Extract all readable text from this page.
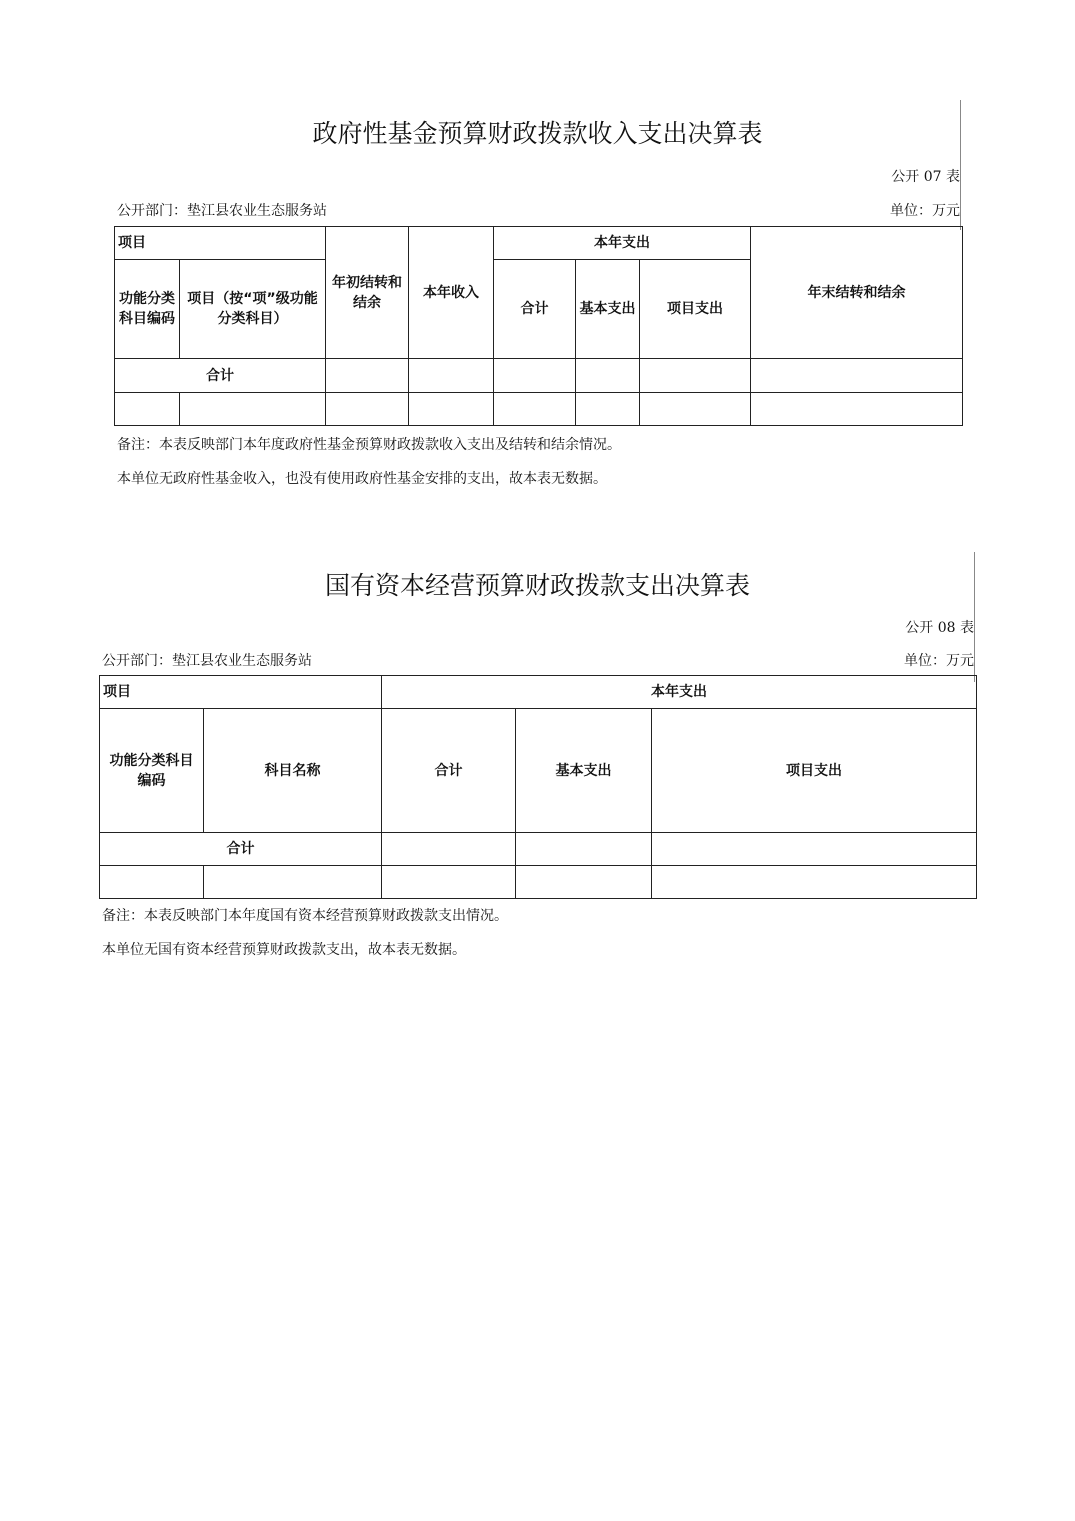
政府性基金预算财政拨款收入支出决算表
公开 07 表
公开部门：垫江县农业生态服务站	单位：万元
项目		年初结转和结余	本年收入	本年支出			年末结转和结余
功能分类科目编码	项目（按“项”级功能分类科目）			合计	基本支出	项目支出	
合计							

备注：本表反映部门本年度政府性基金预算财政拨款收入支出及结转和结余情况。
本单位无政府性基金收入，也没有使用政府性基金安排的支出，故本表无数据。
国有资本经营预算财政拨款支出决算表
公开 08 表
公开部门：垫江县农业生态服务站	单位：万元
项目		本年支出		
功能分类科目编码	科目名称	合计	基本支出	项目支出
合计				

备注：本表反映部门本年度国有资本经营预算财政拨款支出情况。
本单位无国有资本经营预算财政拨款支出，故本表无数据。
